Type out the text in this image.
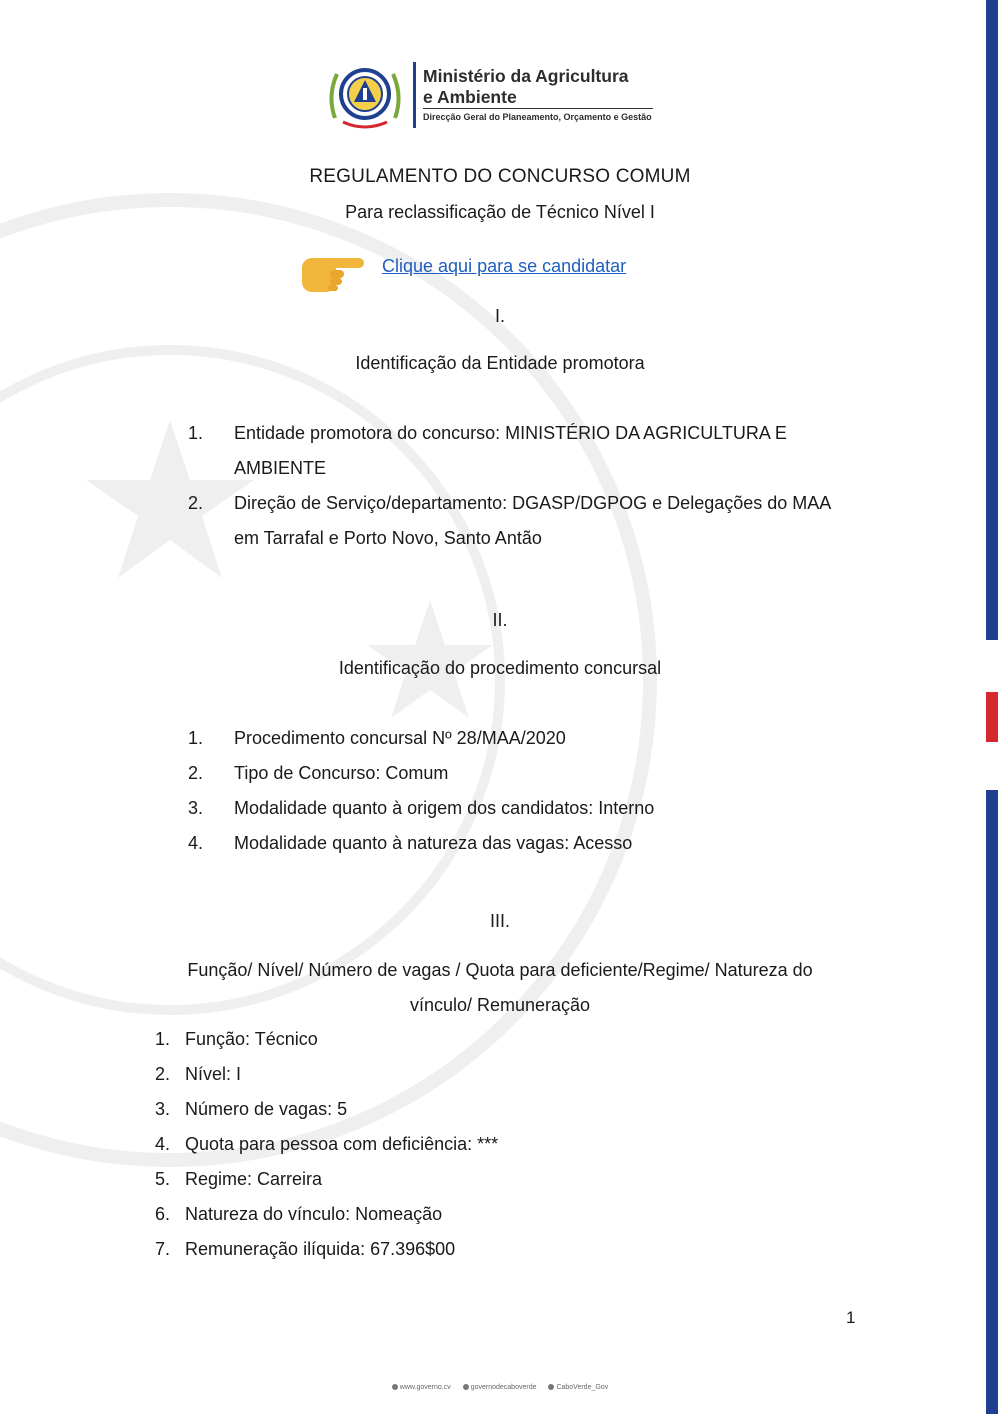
Ministério da Agricultura
e Ambiente
Direcção Geral do Planeamento, Orçamento e Gestão
REGULAMENTO DO CONCURSO COMUM
Para reclassificação de Técnico Nível I
Clique aqui para se candidatar
I.
Identificação da Entidade promotora
1.	Entidade promotora do concurso: MINISTÉRIO DA AGRICULTURA E AMBIENTE
2.	Direção de Serviço/departamento: DGASP/DGPOG e Delegações do MAA em Tarrafal e Porto Novo, Santo Antão
II.
Identificação do procedimento concursal
1.	Procedimento concursal Nº 28/MAA/2020
2.	Tipo de Concurso: Comum
3.	Modalidade quanto à origem dos candidatos: Interno
4.	Modalidade quanto à natureza das vagas: Acesso
III.
Função/ Nível/ Número de vagas / Quota para deficiente/Regime/ Natureza do
vínculo/ Remuneração
1. Função: Técnico
2. Nível: I
3. Número de vagas: 5
4. Quota para pessoa com deficiência: ***
5. Regime: Carreira
6. Natureza do vínculo: Nomeação
7. Remuneração ilíquida: 67.396$00
1
www.governo.cv	governodecaboverde	CaboVerde_Gov
